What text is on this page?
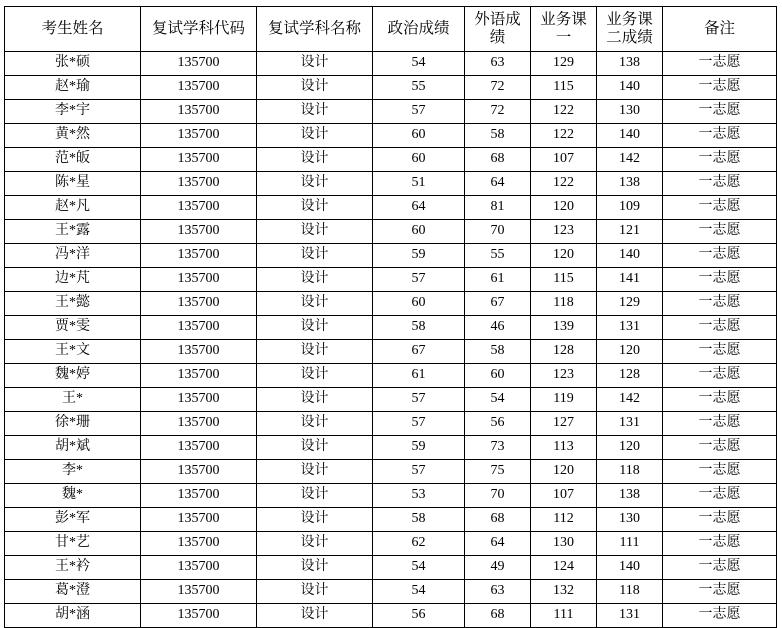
考生姓名	复试学科代码	复试学科名称	政治成绩	外语成绩	业务课一	业务课二成绩	备注
张*硕	135700	设计	54	63	129	138	一志愿
赵*瑜	135700	设计	55	72	115	140	一志愿
李*宇	135700	设计	57	72	122	130	一志愿
黄*然	135700	设计	60	58	122	140	一志愿
范*皈	135700	设计	60	68	107	142	一志愿
陈*星	135700	设计	51	64	122	138	一志愿
赵*凡	135700	设计	64	81	120	109	一志愿
王*露	135700	设计	60	70	123	121	一志愿
冯*洋	135700	设计	59	55	120	140	一志愿
边*芃	135700	设计	57	61	115	141	一志愿
王*懿	135700	设计	60	67	118	129	一志愿
贾*雯	135700	设计	58	46	139	131	一志愿
王*文	135700	设计	67	58	128	120	一志愿
魏*婷	135700	设计	61	60	123	128	一志愿
王*	135700	设计	57	54	119	142	一志愿
徐*珊	135700	设计	57	56	127	131	一志愿
胡*斌	135700	设计	59	73	113	120	一志愿
李*	135700	设计	57	75	120	118	一志愿
魏*	135700	设计	53	70	107	138	一志愿
彭*军	135700	设计	58	68	112	130	一志愿
甘*艺	135700	设计	62	64	130	111	一志愿
王*衿	135700	设计	54	49	124	140	一志愿
葛*澄	135700	设计	54	63	132	118	一志愿
胡*涵	135700	设计	56	68	111	131	一志愿
